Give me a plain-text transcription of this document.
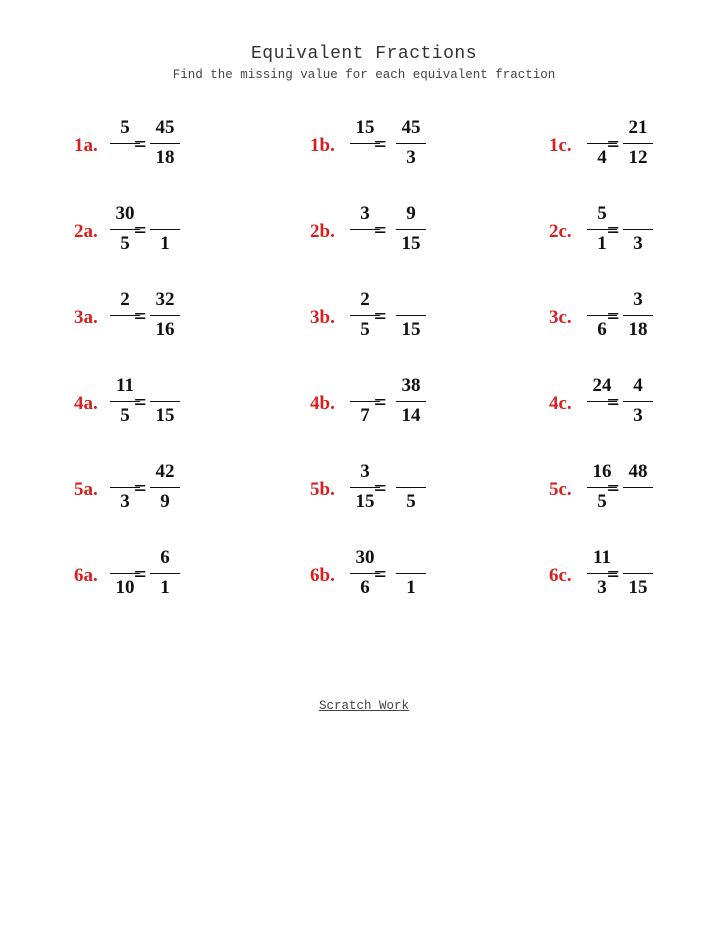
Equivalent Fractions
Find the missing value for each equivalent fraction
1a.
5
=
45
18
1b.
15
=
45
3
1c.
4
=
21
12
2a.
30
5
=
1
2b.
3
=
9
15
2c.
5
1
=
3
3a.
2
=
32
16
3b.
2
5
=
15
3c.
6
=
3
18
4a.
11
5
=
15
4b.
7
=
38
14
4c.
24
=
4
3
5a.
3
=
42
9
5b.
3
15
=
5
5c.
16
5
=
48
6a.
10
=
6
1
6b.
30
6
=
1
6c.
11
3
=
15
Scratch Work
